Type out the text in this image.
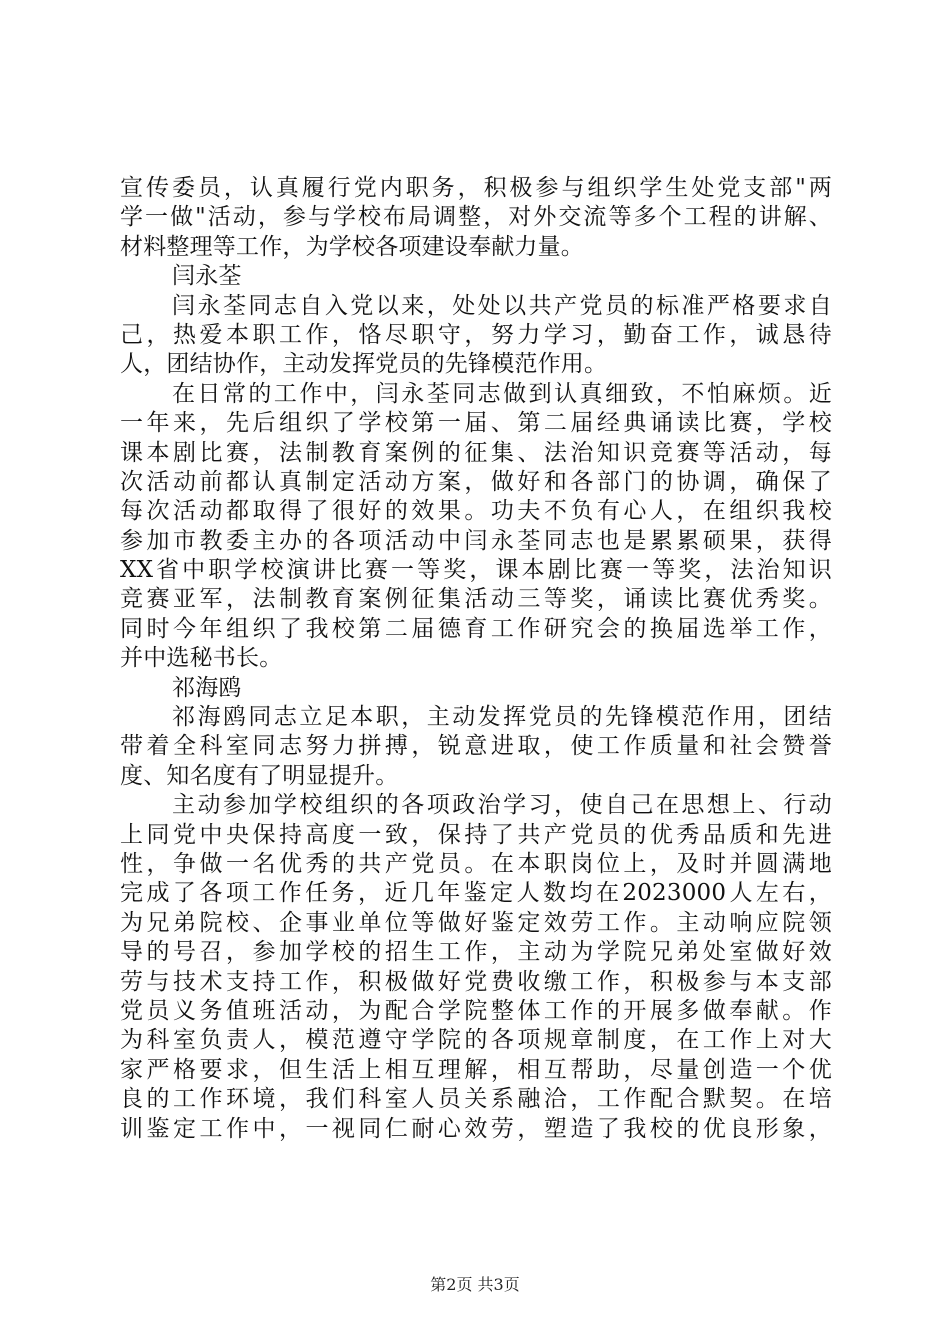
宣传委员，认真履行党内职务，积极参与组织学生处党支部"两
学一做"活动，参与学校布局调整，对外交流等多个工程的讲解、
材料整理等工作，为学校各项建设奉献力量。
闫永荃
闫永荃同志自入党以来，处处以共产党员的标准严格要求自
己，热爱本职工作，恪尽职守，努力学习，勤奋工作，诚恳待
人，团结协作，主动发挥党员的先锋模范作用。
在日常的工作中，闫永荃同志做到认真细致，不怕麻烦。近
一年来，先后组织了学校第一届、第二届经典诵读比赛，学校
课本剧比赛，法制教育案例的征集、法治知识竞赛等活动，每
次活动前都认真制定活动方案，做好和各部门的协调，确保了
每次活动都取得了很好的效果。功夫不负有心人，在组织我校
参加市教委主办的各项活动中闫永荃同志也是累累硕果，获得
XX省中职学校演讲比赛一等奖，课本剧比赛一等奖，法治知识
竞赛亚军，法制教育案例征集活动三等奖，诵读比赛优秀奖。
同时今年组织了我校第二届德育工作研究会的换届选举工作，
并中选秘书长。
祁海鸥
祁海鸥同志立足本职，主动发挥党员的先锋模范作用，团结
带着全科室同志努力拼搏，锐意进取，使工作质量和社会赞誉
度、知名度有了明显提升。
主动参加学校组织的各项政治学习，使自己在思想上、行动
上同党中央保持高度一致，保持了共产党员的优秀品质和先进
性，争做一名优秀的共产党员。在本职岗位上，及时并圆满地
完成了各项工作任务，近几年鉴定人数均在2023000人左右，
为兄弟院校、企事业单位等做好鉴定效劳工作。主动响应院领
导的号召，参加学校的招生工作，主动为学院兄弟处室做好效
劳与技术支持工作，积极做好党费收缴工作，积极参与本支部
党员义务值班活动，为配合学院整体工作的开展多做奉献。作
为科室负责人，模范遵守学院的各项规章制度，在工作上对大
家严格要求，但生活上相互理解，相互帮助，尽量创造一个优
良的工作环境，我们科室人员关系融洽，工作配合默契。在培
训鉴定工作中，一视同仁耐心效劳，塑造了我校的优良形象，
第2页 共3页
